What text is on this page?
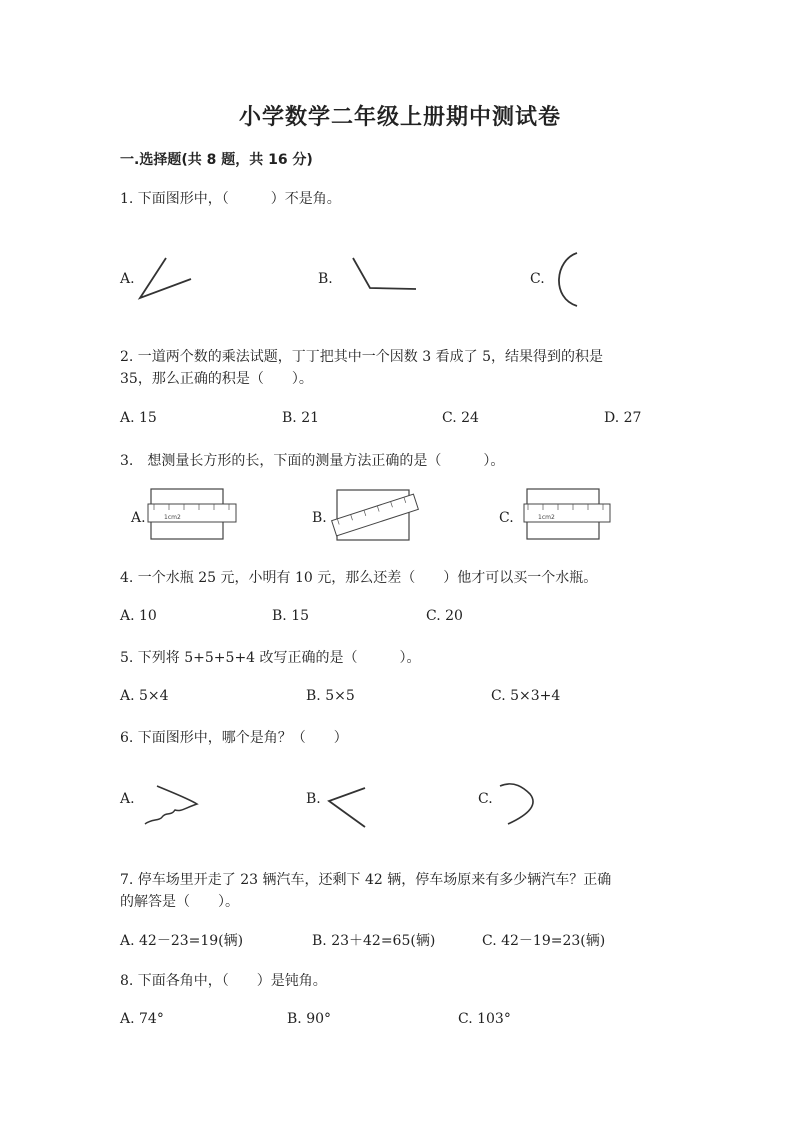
小学数学二年级上册期中测试卷
一.选择题(共 8 题，共 16 分)
1. 下面图形中，（　　　）不是角。
A.	B.	C.
2. 一道两个数的乘法试题，丁丁把其中一个因数 3 看成了 5，结果得到的积是
35，那么正确的积是（　　）。
A. 15	B. 21	C. 24	D. 27
3.　想测量长方形的长，下面的测量方法正确的是（　　　）。
A.	1cm2	B.	C.	1cm2
4. 一个水瓶 25 元，小明有 10 元，那么还差（　　）他才可以买一个水瓶。
A. 10	B. 15	C. 20
5. 下列将 5+5+5+4 改写正确的是（　　　）。
A. 5×4	B. 5×5	C. 5×3+4
6. 下面图形中，哪个是角？（　　）
A.	B.	C.
7. 停车场里开走了 23 辆汽车，还剩下 42 辆，停车场原来有多少辆汽车？正确
的解答是（　　）。
A. 42－23=19(辆)	B. 23＋42=65(辆)	C. 42－19=23(辆)
8. 下面各角中，（　　）是钝角。
A. 74°	B. 90°	C. 103°
